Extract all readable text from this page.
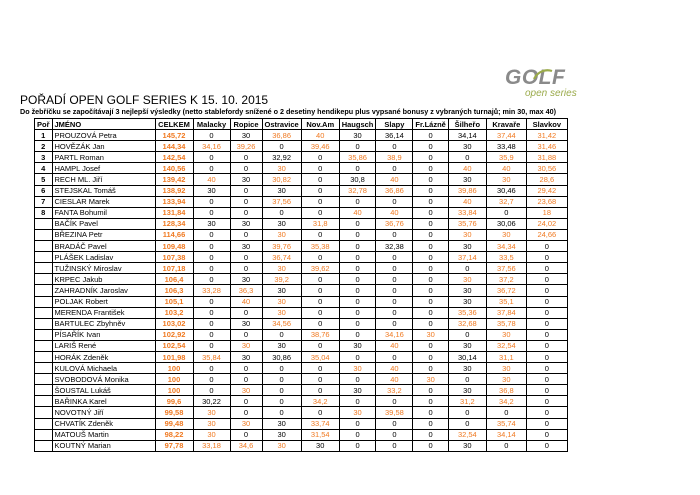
POŘADÍ OPEN GOLF SERIES K 15. 10. 2015
Do žebříčku se započítávají 3 nejlepší výsledky (netto stablefordy snížené o 2 desetiny hendikepu plus vypsané bonusy z vybraných turnajů; min 30, max 40)
GOLF
open series
Poř	JMÉNO	CELKEM	Malacky	Ropice	Ostravice	Nov.Am	Haugsch	Slapy	Fr.Lázně	Šilheřo	Kravaře	Slavkov
1	PROUZOVÁ Petra	145,72	0	30	36,86	40	30	36,14	0	34,14	37,44	31,42
2	HOVĚZÁK Jan	144,34	34,16	39,26	0	39,46	0	0	0	30	33,48	31,46
3	PARTL Roman	142,54	0	0	32,92	0	35,86	38,9	0	0	35,9	31,88
4	HAMPL Josef	140,56	0	0	30	0	0	0	0	40	40	30,56
5	RECH ML. Jiří	139,42	40	30	30,82	0	30,8	40	0	30	30	28,6
6	STEJSKAL Tomáš	138,92	30	0	30	0	32,78	36,86	0	39,86	30,46	29,42
7	CIESLAR Marek	133,94	0	0	37,56	0	0	0	0	40	32,7	23,68
8	FANTA Bohumil	131,84	0	0	0	0	40	40	0	33,84	0	18
	BAČÍK Pavel	128,34	30	30	30	31,8	0	36,76	0	35,76	30,06	24,02
	BŘEZINA Petr	114,66	0	0	30	0	0	0	0	30	30	24,66
	BRADÁČ Pavel	109,48	0	30	39,76	35,38	0	32,38	0	30	34,34	0
	PLÁŠEK Ladislav	107,38	0	0	36,74	0	0	0	0	37,14	33,5	0
	TUŽINSKÝ Miroslav	107,18	0	0	30	39,62	0	0	0	0	37,56	0
	KRPEC Jakub	106,4	0	30	39,2	0	0	0	0	30	37,2	0
	ZAHRADNÍK Jaroslav	106,3	33,28	36,3	30	0	0	0	0	30	36,72	0
	POLJAK Robert	105,1	0	40	30	0	0	0	0	30	35,1	0
	MERENDA František	103,2	0	0	30	0	0	0	0	35,36	37,84	0
	BARTULEC Zbyhněv	103,02	0	30	34,56	0	0	0	0	32,68	35,78	0
	PÍSAŘÍK Ivan	102,92	0	0	0	38,76	0	34,16	30	0	30	0
	LARIŠ René	102,54	0	30	30	0	30	40	0	30	32,54	0
	HORÁK Zdeněk	101,98	35,84	30	30,86	35,04	0	0	0	30,14	31,1	0
	KULOVÁ Michaela	100	0	0	0	0	30	40	0	30	30	0
	SVOBODOVÁ Monika	100	0	0	0	0	0	40	30	0	30	0
	ŠOUSTAL Lukáš	100	0	30	0	0	30	33,2	0	30	36,8	0
	BAŘINKA Karel	99,6	30,22	0	0	34,2	0	0	0	31,2	34,2	0
	NOVOTNÝ Jiří	99,58	30	0	0	0	30	39,58	0	0	0	0
	CHVATÍK Zdeněk	99,48	30	30	30	33,74	0	0	0	0	35,74	0
	MATOUŠ Martin	98,22	30	0	30	31,54	0	0	0	32,54	34,14	0
	KOUTNÝ Marian	97,78	33,18	34,6	30	30	0	0	0	30	0	0
